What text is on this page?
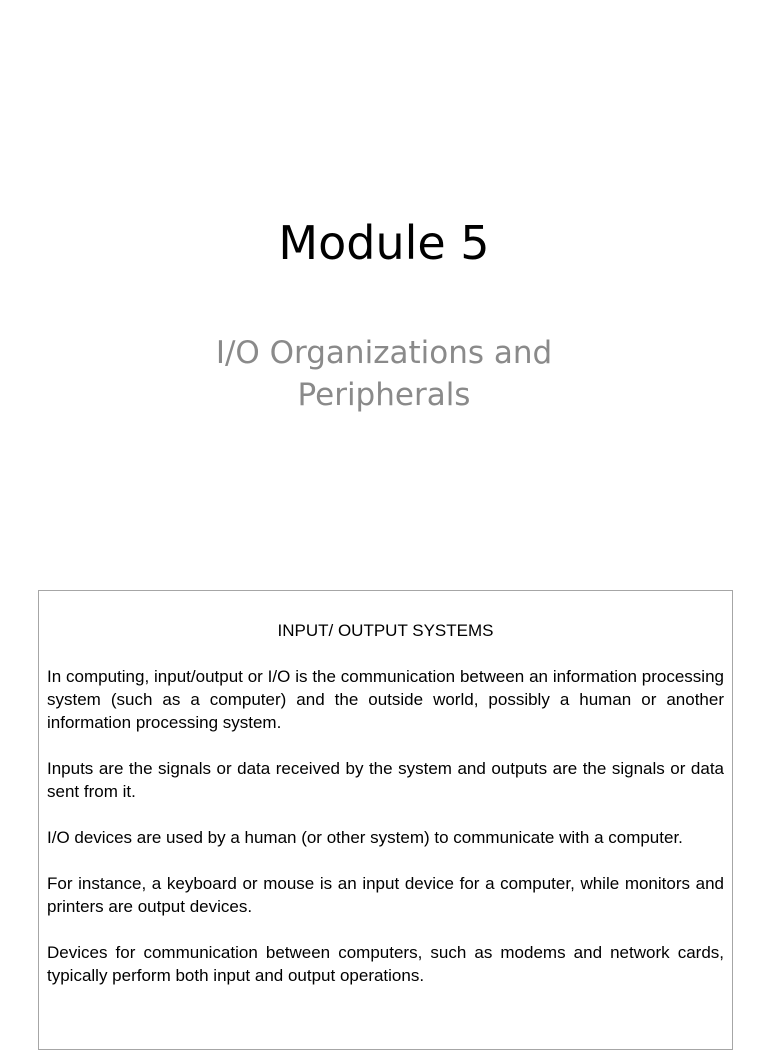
Module 5
I/O Organizations and Peripherals

INPUT/ OUTPUT SYSTEMS

In computing, input/output or I/O is the communication between an information processing system (such as a computer) and the outside world, possibly a human or another information processing system.

Inputs are the signals or data received by the system and outputs are the signals or data sent from it.

I/O devices are used by a human (or other system) to communicate with a computer.

For instance, a keyboard or mouse is an input device for a computer, while monitors and printers are output devices.

Devices for communication between computers, such as modems and network cards, typically perform both input and output operations.
